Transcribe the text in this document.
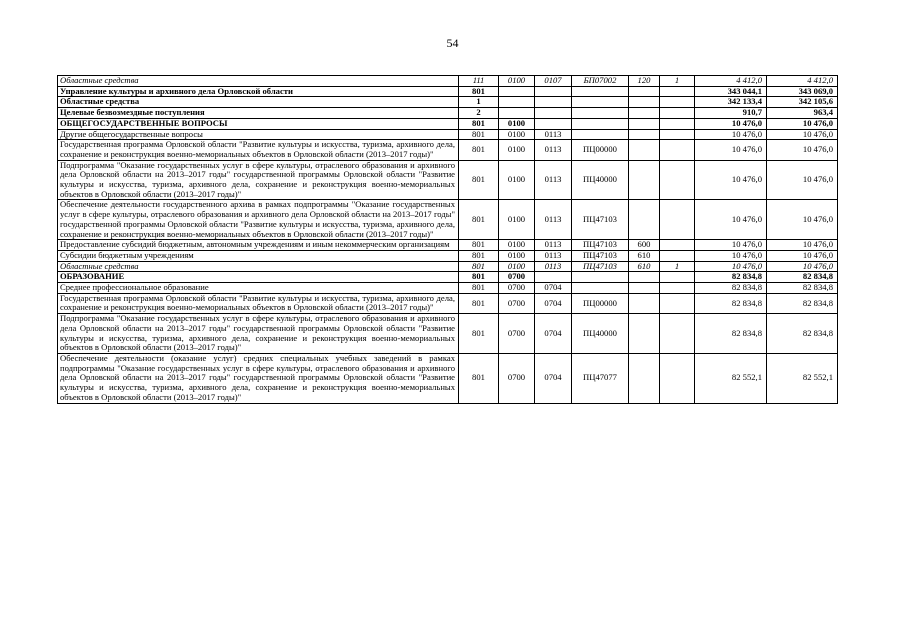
54
Областные средства	111	0100	0107	БП07002	120	1	4 412,0	4 412,0
Управление культуры и архивного дела Орловской области	801						343 044,1	343 069,0
Областные средства	1						342 133,4	342 105,6
Целевые безвозмездные поступления	2						910,7	963,4
ОБЩЕГОСУДАРСТВЕННЫЕ ВОПРОСЫ	801	0100					10 476,0	10 476,0
Другие общегосударственные вопросы	801	0100	0113				10 476,0	10 476,0
Государственная программа Орловской области "Развитие культуры и искусства, туризма, архивного дела, сохранение и реконструкция военно-мемориальных объектов в Орловской области (2013–2017 годы)"	801	0100	0113	ПЦ00000			10 476,0	10 476,0
Подпрограмма "Оказание государственных услуг в сфере культуры, отраслевого образования и архивного дела Орловской области на 2013–2017 годы" государственной программы Орловской области "Развитие культуры и искусства, туризма, архивного дела, сохранение и реконструкция военно-мемориальных объектов в Орловской области (2013–2017 годы)"	801	0100	0113	ПЦ40000			10 476,0	10 476,0
Обеспечение деятельности государственного архива в рамках подпрограммы "Оказание государственных услуг в сфере культуры, отраслевого образования и архивного дела Орловской области на 2013–2017 годы" государственной программы Орловской области "Развитие культуры и искусства, туризма, архивного дела, сохранение и реконструкция военно-мемориальных объектов в Орловской области (2013–2017 годы)"	801	0100	0113	ПЦ47103			10 476,0	10 476,0
Предоставление субсидий бюджетным, автономным учреждениям и иным некоммерческим организациям	801	0100	0113	ПЦ47103	600		10 476,0	10 476,0
Субсидии бюджетным учреждениям	801	0100	0113	ПЦ47103	610		10 476,0	10 476,0
Областные средства	801	0100	0113	ПЦ47103	610	1	10 476,0	10 476,0
ОБРАЗОВАНИЕ	801	0700					82 834,8	82 834,8
Среднее профессиональное образование	801	0700	0704				82 834,8	82 834,8
Государственная программа Орловской области "Развитие культуры и искусства, туризма, архивного дела, сохранение и реконструкция военно-мемориальных объектов в Орловской области (2013–2017 годы)"	801	0700	0704	ПЦ00000			82 834,8	82 834,8
Подпрограмма "Оказание государственных услуг в сфере культуры, отраслевого образования и архивного дела Орловской области на 2013–2017 годы" государственной программы Орловской области "Развитие культуры и искусства, туризма, архивного дела, сохранение и реконструкция военно-мемориальных объектов в Орловской области (2013–2017 годы)"	801	0700	0704	ПЦ40000			82 834,8	82 834,8
Обеспечение деятельности (оказание услуг) средних специальных учебных заведений в рамках подпрограммы "Оказание государственных услуг в сфере культуры, отраслевого образования и архивного дела Орловской области на 2013–2017 годы" государственной программы Орловской области "Развитие культуры и искусства, туризма, архивного дела, сохранение и реконструкция военно-мемориальных объектов в Орловской области (2013–2017 годы)"	801	0700	0704	ПЦ47077			82 552,1	82 552,1
